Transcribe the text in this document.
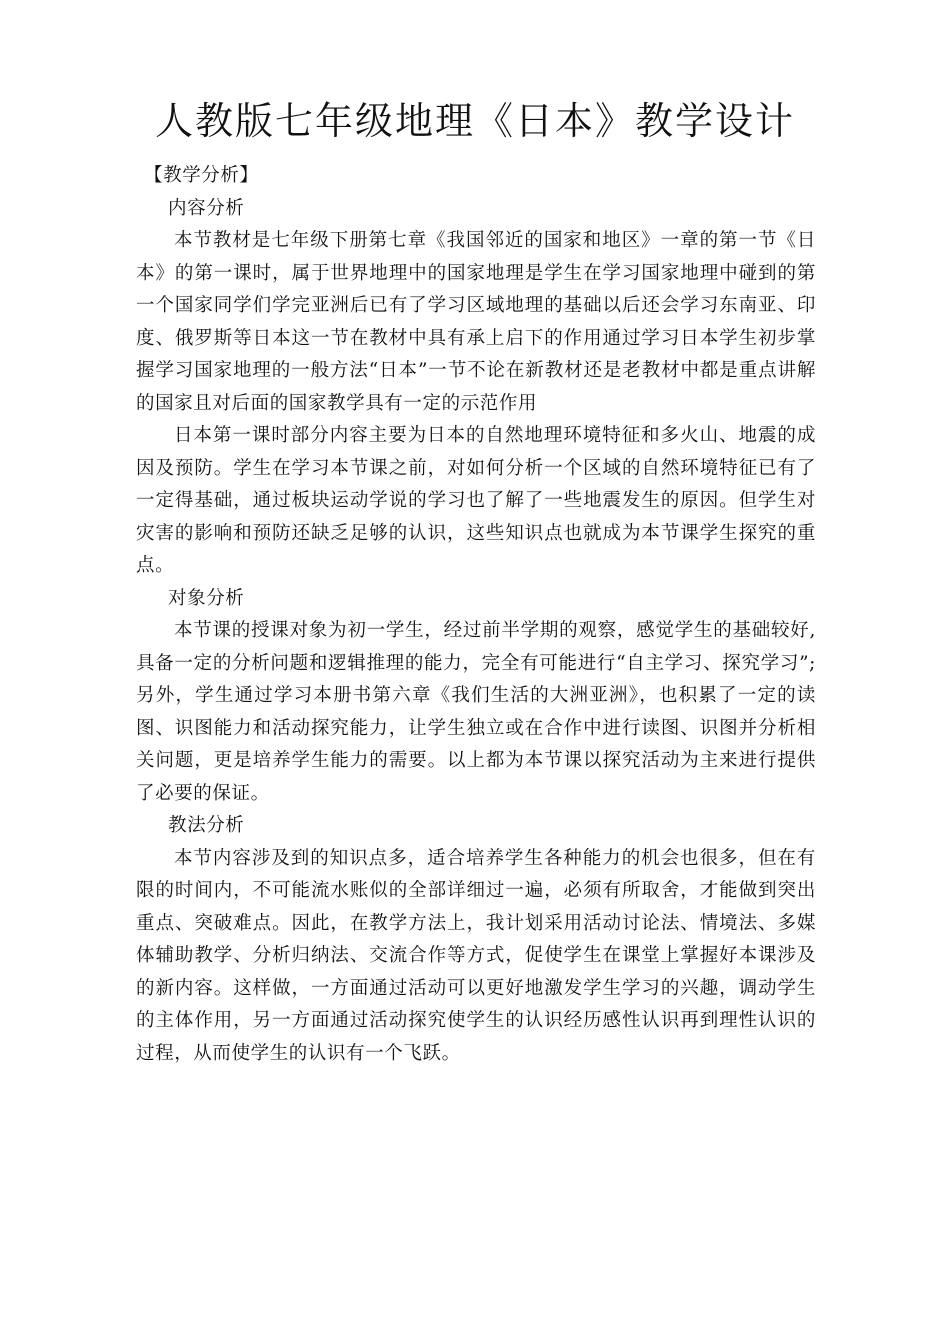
人教版七年级地理《日本》教学设计

【教学分析】

内容分析

本节教材是七年级下册第七章《我国邻近的国家和地区》一章的第一节《日本》的第一课时，属于世界地理中的国家地理是学生在学习国家地理中碰到的第一个国家同学们学完亚洲后已有了学习区域地理的基础以后还会学习东南亚、印度、俄罗斯等日本这一节在教材中具有承上启下的作用通过学习日本学生初步掌握学习国家地理的一般方法“日本”一节不论在新教材还是老教材中都是重点讲解的国家且对后面的国家教学具有一定的示范作用

日本第一课时部分内容主要为日本的自然地理环境特征和多火山、地震的成因及预防。学生在学习本节课之前，对如何分析一个区域的自然环境特征已有了一定得基础，通过板块运动学说的学习也了解了一些地震发生的原因。但学生对灾害的影响和预防还缺乏足够的认识，这些知识点也就成为本节课学生探究的重点。

对象分析

本节课的授课对象为初一学生，经过前半学期的观察，感觉学生的基础较好,具备一定的分析问题和逻辑推理的能力，完全有可能进行“自主学习、探究学习”;另外，学生通过学习本册书第六章《我们生活的大洲亚洲》，也积累了一定的读图、识图能力和活动探究能力，让学生独立或在合作中进行读图、识图并分析相关问题，更是培养学生能力的需要。以上都为本节课以探究活动为主来进行提供了必要的保证。

教法分析

本节内容涉及到的知识点多，适合培养学生各种能力的机会也很多，但在有限的时间内，不可能流水账似的全部详细过一遍，必须有所取舍，才能做到突出重点、突破难点。因此，在教学方法上，我计划采用活动讨论法、情境法、多媒体辅助教学、分析归纳法、交流合作等方式，促使学生在课堂上掌握好本课涉及的新内容。这样做，一方面通过活动可以更好地激发学生学习的兴趣，调动学生的主体作用，另一方面通过活动探究使学生的认识经历感性认识再到理性认识的过程，从而使学生的认识有一个飞跃。
